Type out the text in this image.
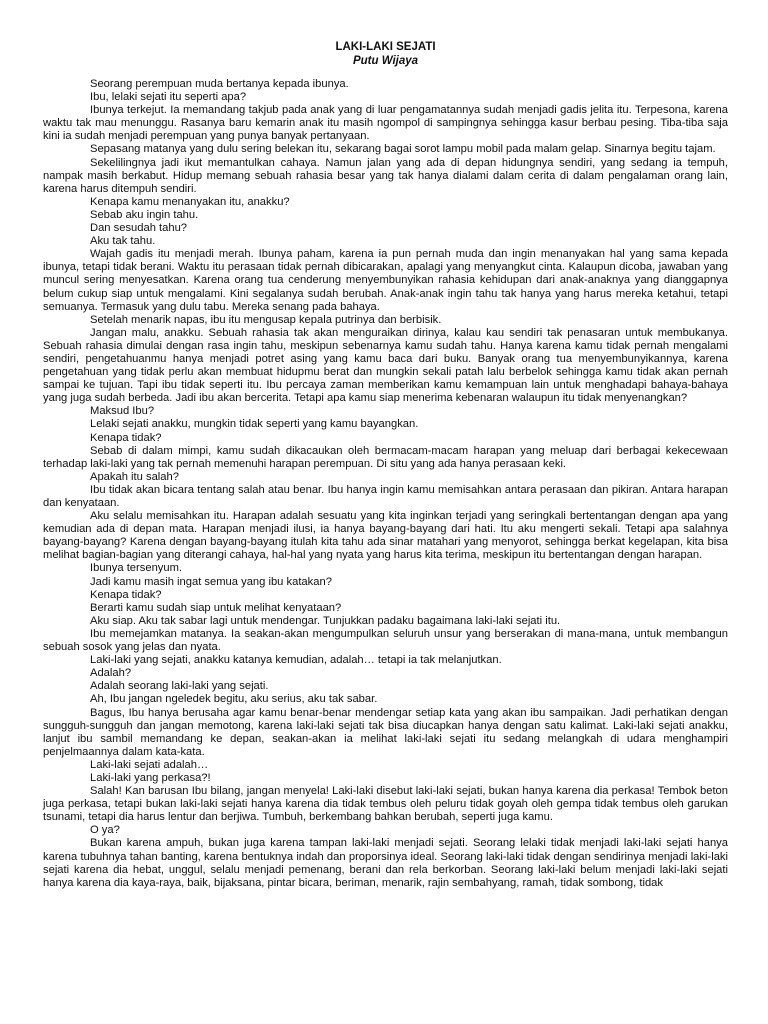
LAKI-LAKI SEJATI

Putu Wijaya

Seorang perempuan muda bertanya kepada ibunya.

Ibu, lelaki sejati itu seperti apa?

Ibunya terkejut. Ia memandang takjub pada anak yang di luar pengamatannya sudah menjadi gadis jelita itu. Terpesona, karena waktu tak mau menunggu. Rasanya baru kemarin anak itu masih ngompol di sampingnya sehingga kasur berbau pesing. Tiba-tiba saja kini ia sudah menjadi perempuan yang punya banyak pertanyaan.

Sepasang matanya yang dulu sering belekan itu, sekarang bagai sorot lampu mobil pada malam gelap. Sinarnya begitu tajam.

Sekelilingnya jadi ikut memantulkan cahaya. Namun jalan yang ada di depan hidungnya sendiri, yang sedang ia tempuh, nampak masih berkabut. Hidup memang sebuah rahasia besar yang tak hanya dialami dalam cerita di dalam pengalaman orang lain, karena harus ditempuh sendiri.

Kenapa kamu menanyakan itu, anakku?

Sebab aku ingin tahu.

Dan sesudah tahu?

Aku tak tahu.

Wajah gadis itu menjadi merah. Ibunya paham, karena ia pun pernah muda dan ingin menanyakan hal yang sama kepada ibunya, tetapi tidak berani. Waktu itu perasaan tidak pernah dibicarakan, apalagi yang menyangkut cinta. Kalaupun dicoba, jawaban yang muncul sering menyesatkan. Karena orang tua cenderung menyembunyikan rahasia kehidupan dari anak-anaknya yang dianggapnya belum cukup siap untuk mengalami. Kini segalanya sudah berubah. Anak-anak ingin tahu tak hanya yang harus mereka ketahui, tetapi semuanya. Termasuk yang dulu tabu. Mereka senang pada bahaya.

Setelah menarik napas, ibu itu mengusap kepala putrinya dan berbisik.

Jangan malu, anakku. Sebuah rahasia tak akan menguraikan dirinya, kalau kau sendiri tak penasaran untuk membukanya. Sebuah rahasia dimulai dengan rasa ingin tahu, meskipun sebenarnya kamu sudah tahu. Hanya karena kamu tidak pernah mengalami sendiri, pengetahuanmu hanya menjadi potret asing yang kamu baca dari buku. Banyak orang tua menyembunyikannya, karena pengetahuan yang tidak perlu akan membuat hidupmu berat dan mungkin sekali patah lalu berbelok sehingga kamu tidak akan pernah sampai ke tujuan. Tapi ibu tidak seperti itu. Ibu percaya zaman memberikan kamu kemampuan lain untuk menghadapi bahaya-bahaya yang juga sudah berbeda. Jadi ibu akan bercerita. Tetapi apa kamu siap menerima kebenaran walaupun itu tidak menyenangkan?

Maksud Ibu?

Lelaki sejati anakku, mungkin tidak seperti yang kamu bayangkan.

Kenapa tidak?

Sebab di dalam mimpi, kamu sudah dikacaukan oleh bermacam-macam harapan yang meluap dari berbagai kekecewaan terhadap laki-laki yang tak pernah memenuhi harapan perempuan. Di situ yang ada hanya perasaan keki.

Apakah itu salah?

Ibu tidak akan bicara tentang salah atau benar. Ibu hanya ingin kamu memisahkan antara perasaan dan pikiran. Antara harapan dan kenyataan.

Aku selalu memisahkan itu. Harapan adalah sesuatu yang kita inginkan terjadi yang seringkali bertentangan dengan apa yang kemudian ada di depan mata. Harapan menjadi ilusi, ia hanya bayang-bayang dari hati. Itu aku mengerti sekali. Tetapi apa salahnya bayang-bayang? Karena dengan bayang-bayang itulah kita tahu ada sinar matahari yang menyorot, sehingga berkat kegelapan, kita bisa melihat bagian-bagian yang diterangi cahaya, hal-hal yang nyata yang harus kita terima, meskipun itu bertentangan dengan harapan.

Ibunya tersenyum.

Jadi kamu masih ingat semua yang ibu katakan?

Kenapa tidak?

Berarti kamu sudah siap untuk melihat kenyataan?

Aku siap. Aku tak sabar lagi untuk mendengar. Tunjukkan padaku bagaimana laki-laki sejati itu.

Ibu memejamkan matanya. Ia seakan-akan mengumpulkan seluruh unsur yang berserakan di mana-mana, untuk membangun sebuah sosok yang jelas dan nyata.

Laki-laki yang sejati, anakku katanya kemudian, adalah… tetapi ia tak melanjutkan.

Adalah?

Adalah seorang laki-laki yang sejati.

Ah, Ibu jangan ngeledek begitu, aku serius, aku tak sabar.

Bagus, Ibu hanya berusaha agar kamu benar-benar mendengar setiap kata yang akan ibu sampaikan. Jadi perhatikan dengan sungguh-sungguh dan jangan memotong, karena laki-laki sejati tak bisa diucapkan hanya dengan satu kalimat. Laki-laki sejati anakku, lanjut ibu sambil memandang ke depan, seakan-akan ia melihat laki-laki sejati itu sedang melangkah di udara menghampiri penjelmaannya dalam kata-kata.

Laki-laki sejati adalah…

Laki-laki yang perkasa?!

Salah! Kan barusan Ibu bilang, jangan menyela! Laki-laki disebut laki-laki sejati, bukan hanya karena dia perkasa! Tembok beton juga perkasa, tetapi bukan laki-laki sejati hanya karena dia tidak tembus oleh peluru tidak goyah oleh gempa tidak tembus oleh garukan tsunami, tetapi dia harus lentur dan berjiwa. Tumbuh, berkembang bahkan berubah, seperti juga kamu.

O ya?

Bukan karena ampuh, bukan juga karena tampan laki-laki menjadi sejati. Seorang lelaki tidak menjadi laki-laki sejati hanya karena tubuhnya tahan banting, karena bentuknya indah dan proporsinya ideal. Seorang laki-laki tidak dengan sendirinya menjadi laki-laki sejati karena dia hebat, unggul, selalu menjadi pemenang, berani dan rela berkorban. Seorang laki-laki belum menjadi laki-laki sejati hanya karena dia kaya-raya, baik, bijaksana, pintar bicara, beriman, menarik, rajin sembahyang, ramah, tidak sombong, tidak
